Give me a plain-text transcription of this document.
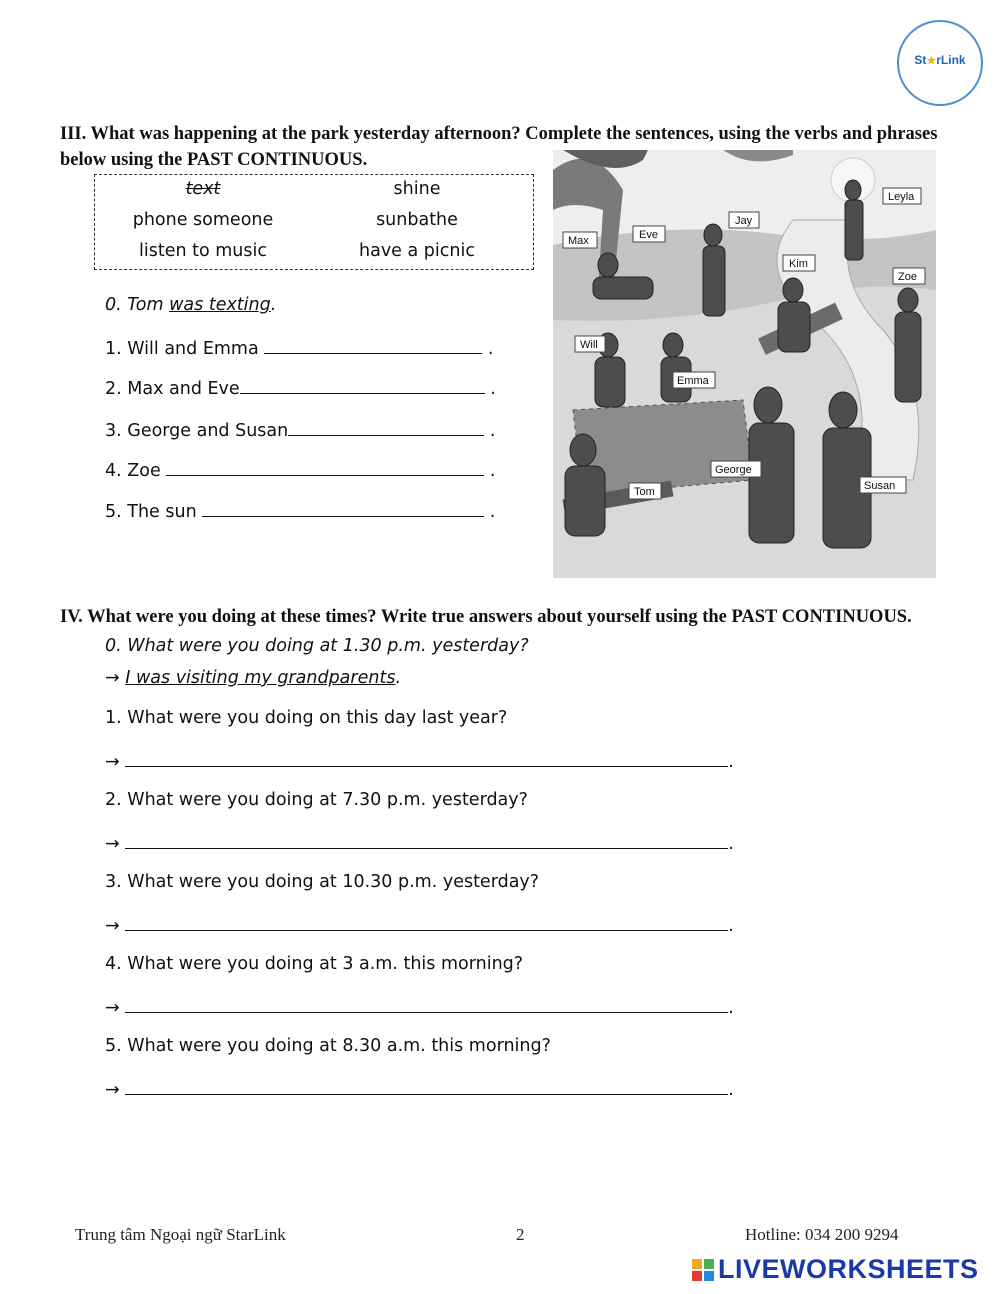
St★rLink
III. What was happening at the park yesterday afternoon? Complete the sentences, using the verbs and phrases below using the PAST CONTINUOUS.
text	shine
phone someone	sunbathe
listen to music	have a picnic
0. Tom was texting.
1. Will and Emma	.
2. Max and Eve	.
3. George and Susan	.
4. Zoe	.
5. The sun	.
Leyla
Jay
Max	Eve
Kim
Zoe
Will
Emma
George
Susan
Tom
IV. What were you doing at these times? Write true answers about yourself using the PAST CONTINUOUS.
0. What were you doing at 1.30 p.m. yesterday?
→ I was visiting my grandparents.
1. What were you doing on this day last year?
→	.
2. What were you doing at 7.30 p.m. yesterday?
→	.
3. What were you doing at 10.30 p.m. yesterday?
→	.
4. What were you doing at 3 a.m. this morning?
→	.
5. What were you doing at 8.30 a.m. this morning?
→	.
Trung tâm Ngoại ngữ StarLink	2	Hotline: 034 200 9294
LIVEWORKSHEETS
